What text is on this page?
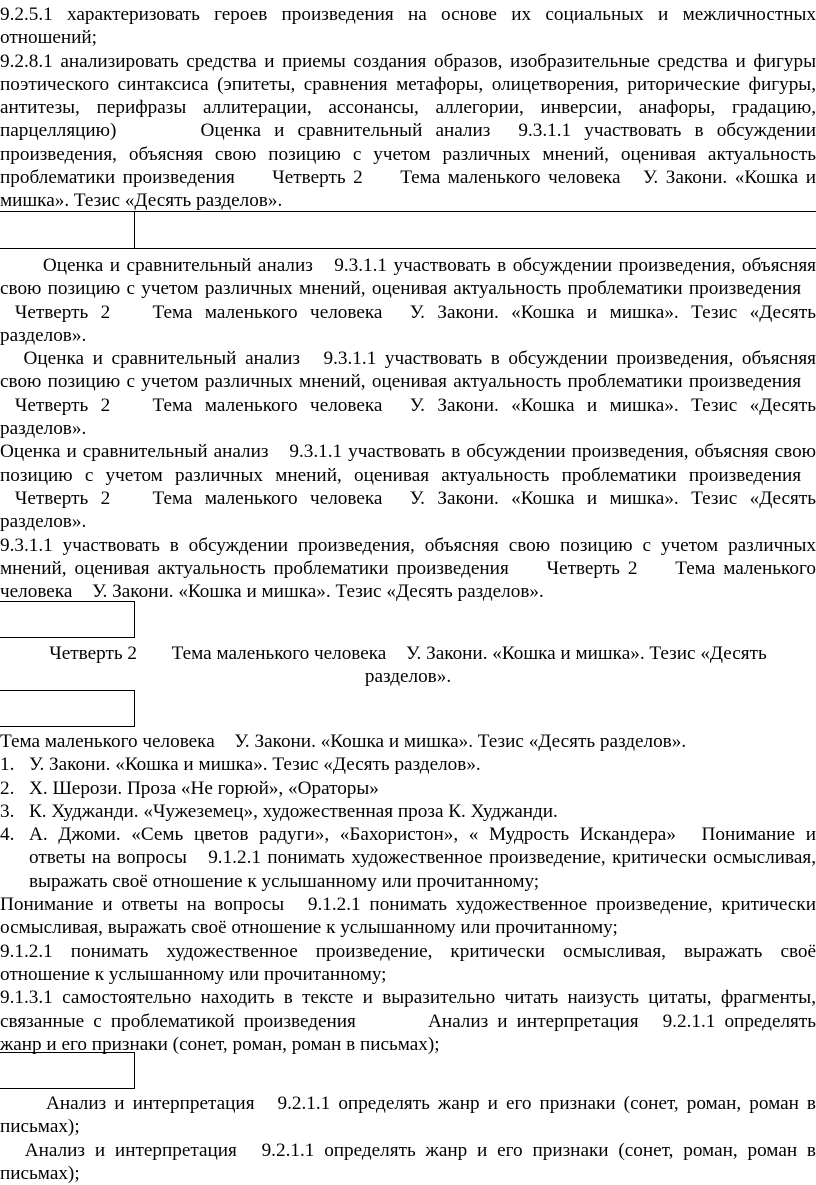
9.2.5.1 характеризовать героев произведения на основе их социальных и межличностных отношений;

9.2.8.1 анализировать средства и приемы создания образов, изобразительные средства и фигуры поэтического синтаксиса (эпитеты, сравнения метафоры, олицетворения, риторические фигуры, антитезы, перифразы аллитерации, ассонансы, аллегории, инверсии, анафоры, градацию, парцелляцию) Оценка и сравнительный анализ 9.3.1.1 участвовать в обсуждении произведения, объясняя свою позицию с учетом различных мнений, оценивая актуальность проблематики произведения Четверть 2 Тема маленького человека У. Закони. «Кошка и мишка». Тезис «Десять разделов».

Оценка и сравнительный анализ 9.3.1.1 участвовать в обсуждении произведения, объясняя свою позицию с учетом различных мнений, оценивая актуальность проблематики произведения Четверть 2 Тема маленького человека У. Закони. «Кошка и мишка». Тезис «Десять разделов».

Оценка и сравнительный анализ 9.3.1.1 участвовать в обсуждении произведения, объясняя свою позицию с учетом различных мнений, оценивая актуальность проблематики произведения Четверть 2 Тема маленького человека У. Закони. «Кошка и мишка». Тезис «Десять разделов».

Оценка и сравнительный анализ 9.3.1.1 участвовать в обсуждении произведения, объясняя свою позицию с учетом различных мнений, оценивая актуальность проблематики произведения Четверть 2 Тема маленького человека У. Закони. «Кошка и мишка». Тезис «Десять разделов».

9.3.1.1 участвовать в обсуждении произведения, объясняя свою позицию с учетом различных мнений, оценивая актуальность проблематики произведения Четверть 2 Тема маленького человека У. Закони. «Кошка и мишка». Тезис «Десять разделов».

Четверть 2 Тема маленького человека У. Закони. «Кошка и мишка». Тезис «Десять разделов».

Тема маленького человека У. Закони. «Кошка и мишка». Тезис «Десять разделов».

1. У. Закони. «Кошка и мишка». Тезис «Десять разделов».
2. Х. Шерози. Проза «Не горюй», «Ораторы»
3. К. Худжанди. «Чужеземец», художественная проза К. Худжанди.
4. А. Джоми. «Семь цветов радуги», «Бахористон», « Мудрость Искандера» Понимание и ответы на вопросы 9.1.2.1 понимать художественное произведение, критически осмысливая, выражать своё отношение к услышанному или прочитанному;

Понимание и ответы на вопросы 9.1.2.1 понимать художественное произведение, критически осмысливая, выражать своё отношение к услышанному или прочитанному;

9.1.2.1 понимать художественное произведение, критически осмысливая, выражать своё отношение к услышанному или прочитанному;

9.1.3.1 самостоятельно находить в тексте и выразительно читать наизусть цитаты, фрагменты, связанные с проблематикой произведения Анализ и интерпретация 9.2.1.1 определять жанр и его признаки (сонет, роман, роман в письмах);

Анализ и интерпретация 9.2.1.1 определять жанр и его признаки (сонет, роман, роман в письмах);

Анализ и интерпретация 9.2.1.1 определять жанр и его признаки (сонет, роман, роман в письмах);
